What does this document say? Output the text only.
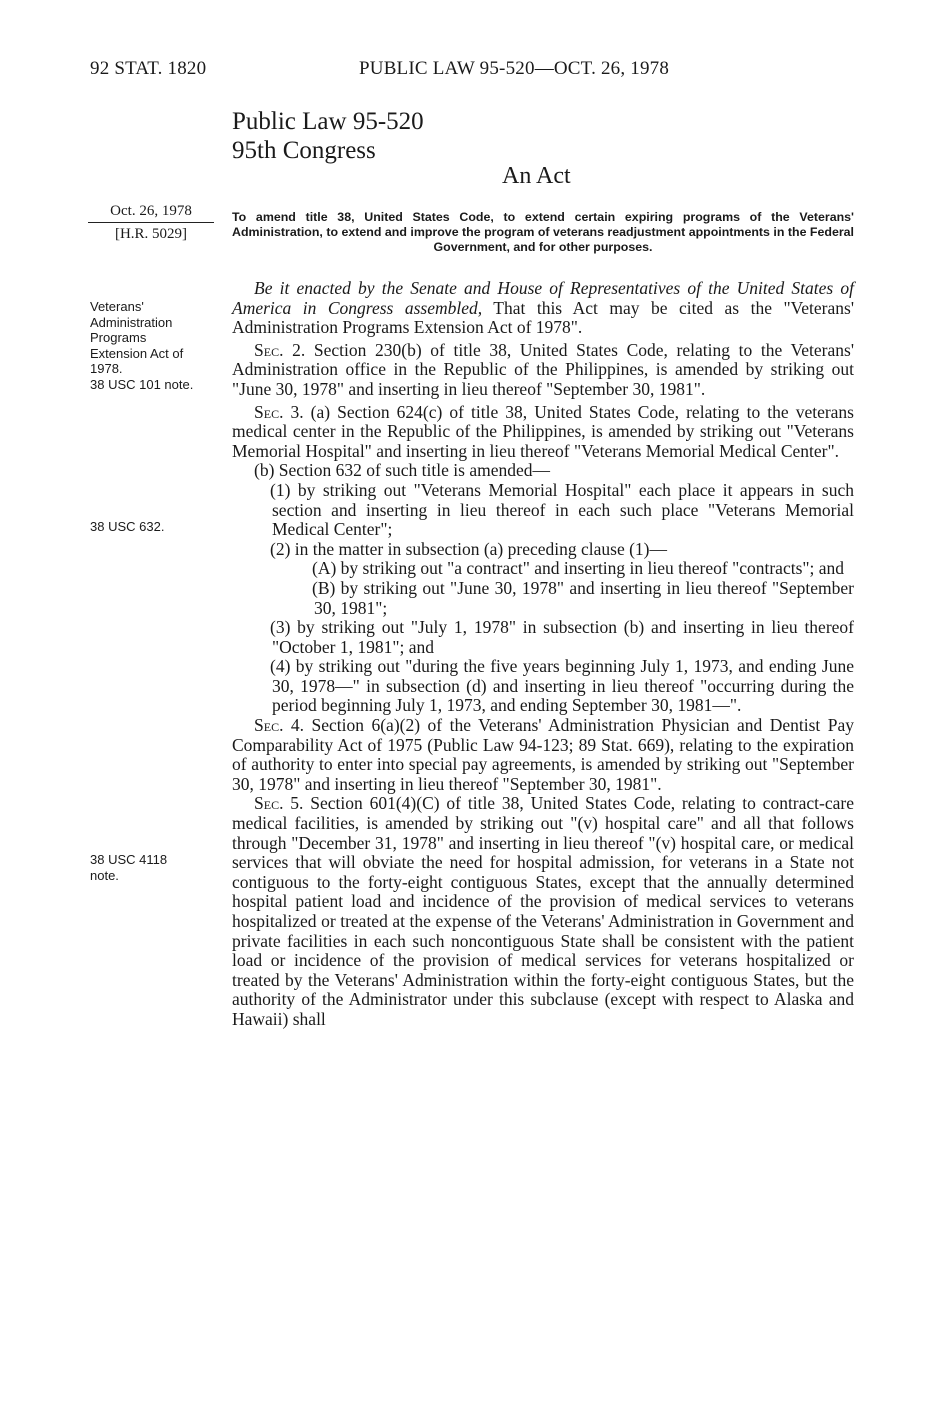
92 STAT. 1820	PUBLIC LAW 95-520—OCT. 26, 1978
Public Law 95-520
95th Congress
An Act
Oct. 26, 1978
[H.R. 5029]
To amend title 38, United States Code, to extend certain expiring programs of the Veterans' Administration, to extend and improve the program of veterans readjustment appointments in the Federal Government, and for other purposes.
Veterans'
Administration
Programs
Extension Act of
1978.
38 USC 101 note.
38 USC 632.
38 USC 4118
note.

Be it enacted by the Senate and House of Representatives of the United States of America in Congress assembled, That this Act may be cited as the "Veterans' Administration Programs Extension Act of 1978".

Sec. 2. Section 230(b) of title 38, United States Code, relating to the Veterans' Administration office in the Republic of the Philippines, is amended by striking out "June 30, 1978" and inserting in lieu thereof "September 30, 1981".

Sec. 3. (a) Section 624(c) of title 38, United States Code, relating to the veterans medical center in the Republic of the Philippines, is amended by striking out "Veterans Memorial Hospital" and inserting in lieu thereof "Veterans Memorial Medical Center".

(b) Section 632 of such title is amended—

(1) by striking out "Veterans Memorial Hospital" each place it appears in such section and inserting in lieu thereof in each such place "Veterans Memorial Medical Center";

(2) in the matter in subsection (a) preceding clause (1)—

(A) by striking out "a contract" and inserting in lieu thereof "contracts"; and

(B) by striking out "June 30, 1978" and inserting in lieu thereof "September 30, 1981";

(3) by striking out "July 1, 1978" in subsection (b) and inserting in lieu thereof "October 1, 1981"; and

(4) by striking out "during the five years beginning July 1, 1973, and ending June 30, 1978—" in subsection (d) and inserting in lieu thereof "occurring during the period beginning July 1, 1973, and ending September 30, 1981—".

Sec. 4. Section 6(a)(2) of the Veterans' Administration Physician and Dentist Pay Comparability Act of 1975 (Public Law 94-123; 89 Stat. 669), relating to the expiration of authority to enter into special pay agreements, is amended by striking out "September 30, 1978" and inserting in lieu thereof "September 30, 1981".

Sec. 5. Section 601(4)(C) of title 38, United States Code, relating to contract-care medical facilities, is amended by striking out "(v) hospital care" and all that follows through "December 31, 1978" and inserting in lieu thereof "(v) hospital care, or medical services that will obviate the need for hospital admission, for veterans in a State not contiguous to the forty-eight contiguous States, except that the annually determined hospital patient load and incidence of the provision of medical services to veterans hospitalized or treated at the expense of the Veterans' Administration in Government and private facilities in each such noncontiguous State shall be consistent with the patient load or incidence of the provision of medical services for veterans hospitalized or treated by the Veterans' Administration within the forty-eight contiguous States, but the authority of the Administrator under this subclause (except with respect to Alaska and Hawaii) shall
